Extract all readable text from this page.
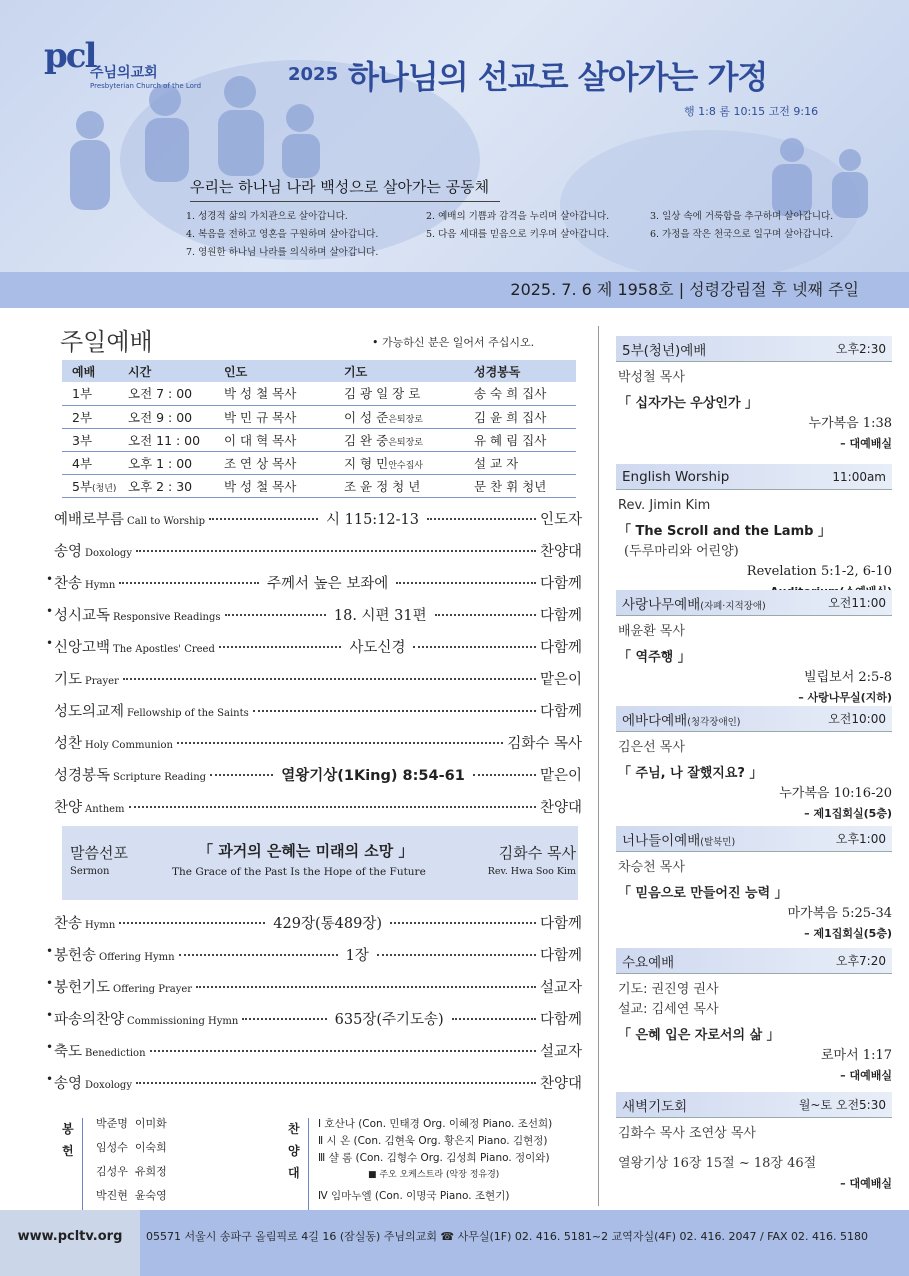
pcl
주님의교회
Presbyterian Church of the Lord
2025 하나님의 선교로 살아가는 가정
행 1:8 롬 10:15 고전 9:16
우리는 하나님 나라 백성으로 살아가는 공동체
1. 성경적 삶의 가치관으로 살아갑니다.	2. 예배의 기쁨과 감격을 누리며 살아갑니다.	3. 일상 속에 거룩함을 추구하며 살아갑니다.
4. 복음을 전하고 영혼을 구원하며 살아갑니다.	5. 다음 세대를 믿음으로 키우며 살아갑니다.	6. 가정을 작은 천국으로 일구며 살아갑니다.
7. 영원한 하나님 나라를 의식하며 살아갑니다.
2025. 7. 6 제 1958호 | 성령강림절 후 넷째 주일
주일예배	• 가능하신 분은 일어서 주십시오.
예배	시간	인도	기도	성경봉독
1부	오전 7 : 00	박 성 철 목사	김 광 일 장 로	송 숙 희 집사
2부	오전 9 : 00	박 민 규 목사	이 성 준은퇴장로	김 윤 희 집사
3부	오전 11 : 00	이 대 혁 목사	김 완 중은퇴장로	유 혜 림 집사
4부	오후 1 : 00	조 연 상 목사	지 형 민안수집사	설 교 자
5부(청년)	오후 2 : 30	박 성 철 목사	조 윤 정 청 년	문 찬 휘 청년
예배로부름 Call to Worship	시 115:12-13	인도자
송영 Doxology	찬양대
• 찬송 Hymn	주께서 높은 보좌에	다함께
• 성시교독 Responsive Readings	18. 시편 31편	다함께
• 신앙고백 The Apostles' Creed	사도신경	다함께
기도 Prayer	맡은이
성도의교제 Fellowship of the Saints	다함께
성찬 Holy Communion	김화수 목사
성경봉독 Scripture Reading	열왕기상(1King) 8:54-61	맡은이
찬양 Anthem	찬양대
말씀선포
Sermon
「 과거의 은혜는 미래의 소망 」
The Grace of the Past Is the Hope of the Future
김화수 목사
Rev. Hwa Soo Kim
찬송 Hymn	429장(통489장)	다함께
• 봉헌송 Offering Hymn	1장	다함께
• 봉헌기도 Offering Prayer	설교자
• 파송의찬양 Commissioning Hymn	635장(주기도송)	다함께
• 축도 Benediction	설교자
• 송영 Doxology	찬양대
봉
헌
박준명 이미화
임성수 이숙희
김성우 유희정
박진현 윤숙영
찬
양
대
Ⅰ 호산나 (Con. 민태경 Org. 이혜정 Piano. 조선희)
Ⅱ 시 온 (Con. 김현욱 Org. 황은지 Piano. 김현정)
Ⅲ 샬 롬 (Con. 김형수 Org. 김성희 Piano. 정이와)
■ 주오 오케스트라 (악장 정유경)
Ⅳ 임마누엘 (Con. 이명국 Piano. 조현기)
5부(청년)예배	오후2:30
박성철 목사
「 십자가는 우상인가 」
누가복음 1:38
– 대예배실
English Worship	11:00am
Rev. Jimin Kim
「 The Scroll and the Lamb 」
(두루마리와 어린양)
Revelation 5:1-2, 6-10
사랑나무예배(자폐·지적장애)	오전11:00
배윤환 목사
「 역주행 」
빌립보서 2:5-8
– 사랑나무실(지하)
에바다예배(청각장애인)	오전10:00
김은선 목사
「 주님, 나 잘했지요? 」
누가복음 10:16-20
– 제1집회실(5층)
너나들이예배(탈북민)	오후1:00
차승천 목사
「 믿음으로 만들어진 능력 」
마가복음 5:25-34
– 제1집회실(5층)
수요예배	오후7:20
기도: 권진영 권사
설교: 김세연 목사
「 은혜 입은 자로서의 삶 」
로마서 1:17
– 대예배실
새벽기도회	월~토 오전5:30
김화수 목사 조연상 목사
열왕기상 16장 15절 ~ 18장 46절
– 대예배실
www.pcltv.org	05571 서울시 송파구 올림픽로 4길 16 (잠실동) 주님의교회 ☎ 사무실(1F) 02. 416. 5181~2 교역자실(4F) 02. 416. 2047 / FAX 02. 416. 5180
